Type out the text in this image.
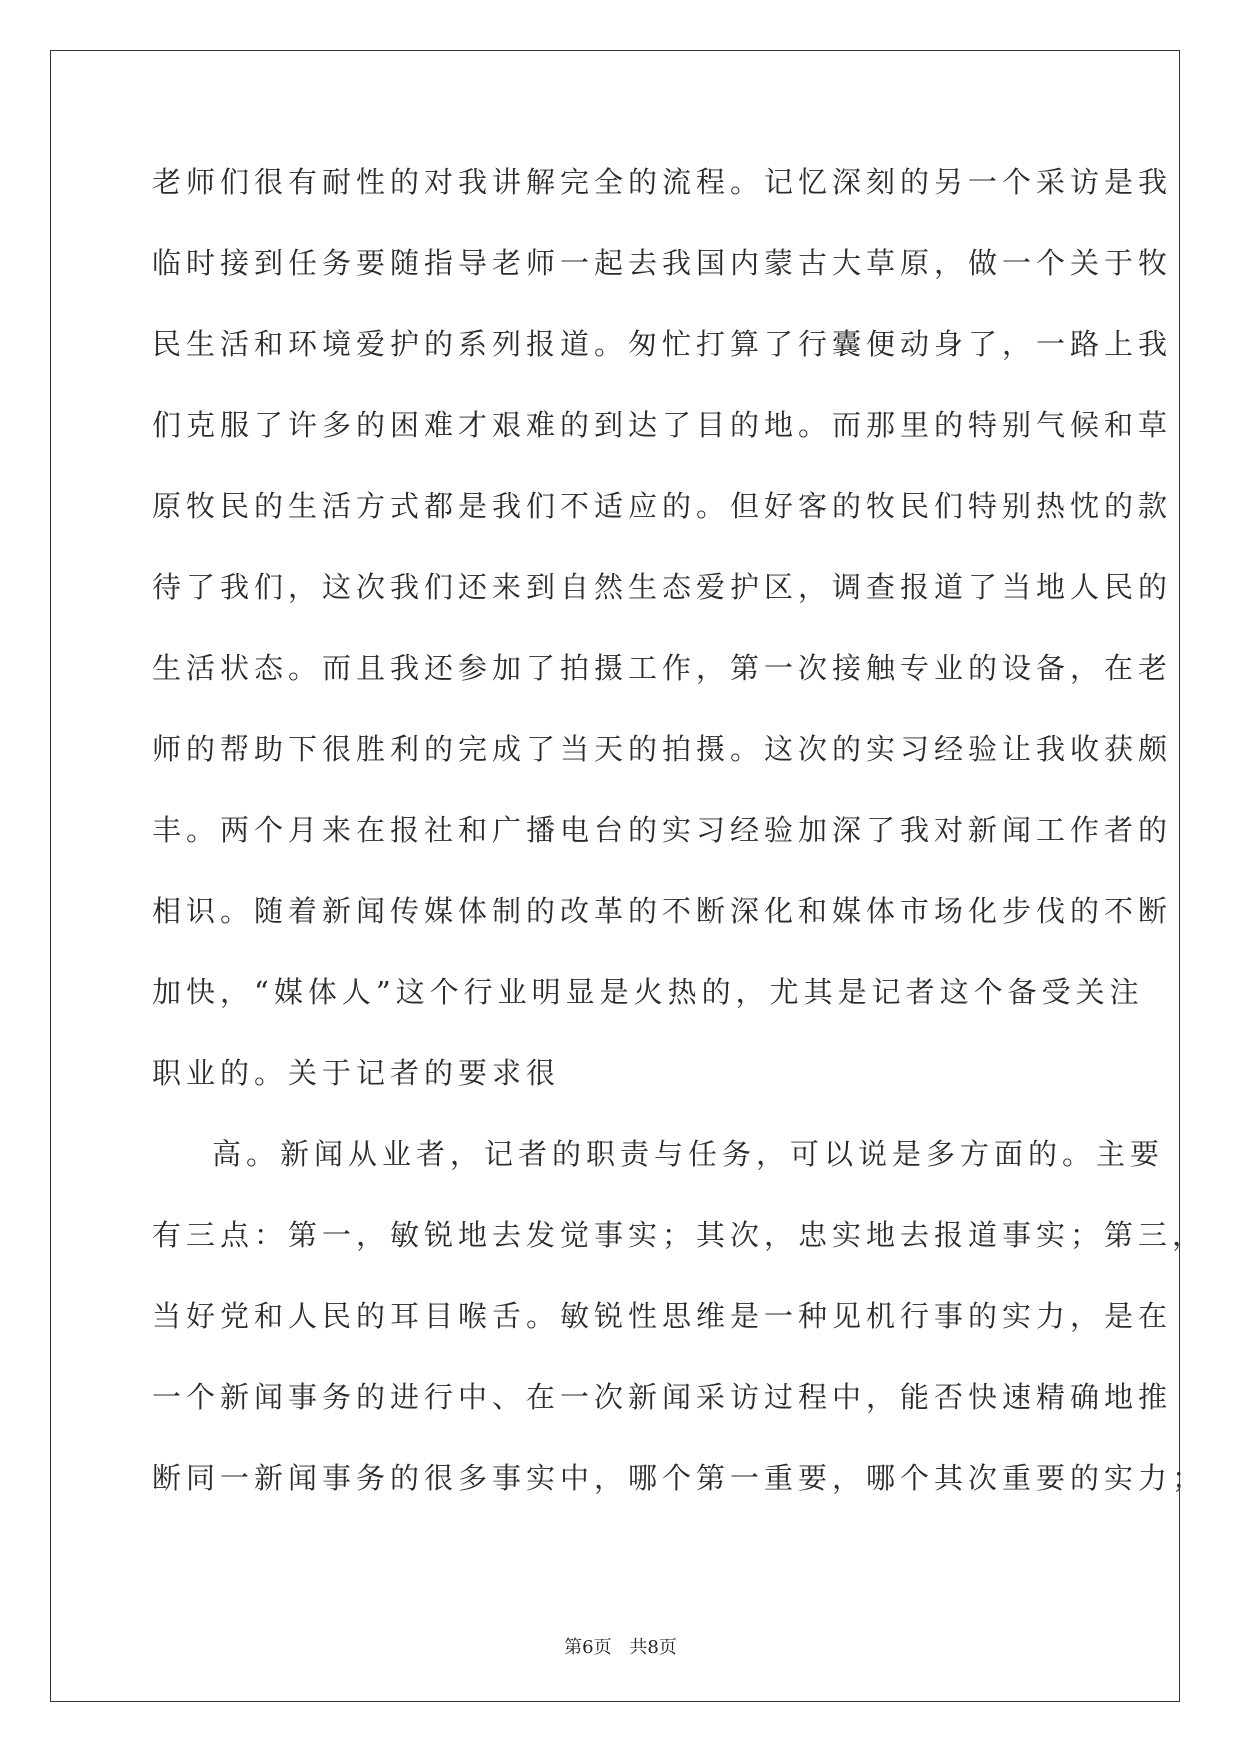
老师们很有耐性的对我讲解完全的流程。记忆深刻的另一个采访是我
临时接到任务要随指导老师一起去我国内蒙古大草原，做一个关于牧
民生活和环境爱护的系列报道。匆忙打算了行囊便动身了，一路上我
们克服了许多的困难才艰难的到达了目的地。而那里的特别气候和草
原牧民的生活方式都是我们不适应的。但好客的牧民们特别热忱的款
待了我们，这次我们还来到自然生态爱护区，调查报道了当地人民的
生活状态。而且我还参加了拍摄工作，第一次接触专业的设备，在老
师的帮助下很胜利的完成了当天的拍摄。这次的实习经验让我收获颇
丰。两个月来在报社和广播电台的实习经验加深了我对新闻工作者的
相识。随着新闻传媒体制的改革的不断深化和媒体市场化步伐的不断
加快，“媒体人”这个行业明显是火热的，尤其是记者这个备受关注
职业的。关于记者的要求很
高。新闻从业者，记者的职责与任务，可以说是多方面的。主要
有三点：第一，敏锐地去发觉事实；其次，忠实地去报道事实；第三，
当好党和人民的耳目喉舌。敏锐性思维是一种见机行事的实力，是在
一个新闻事务的进行中、在一次新闻采访过程中，能否快速精确地推
断同一新闻事务的很多事实中，哪个第一重要，哪个其次重要的实力；
第6页 共8页
